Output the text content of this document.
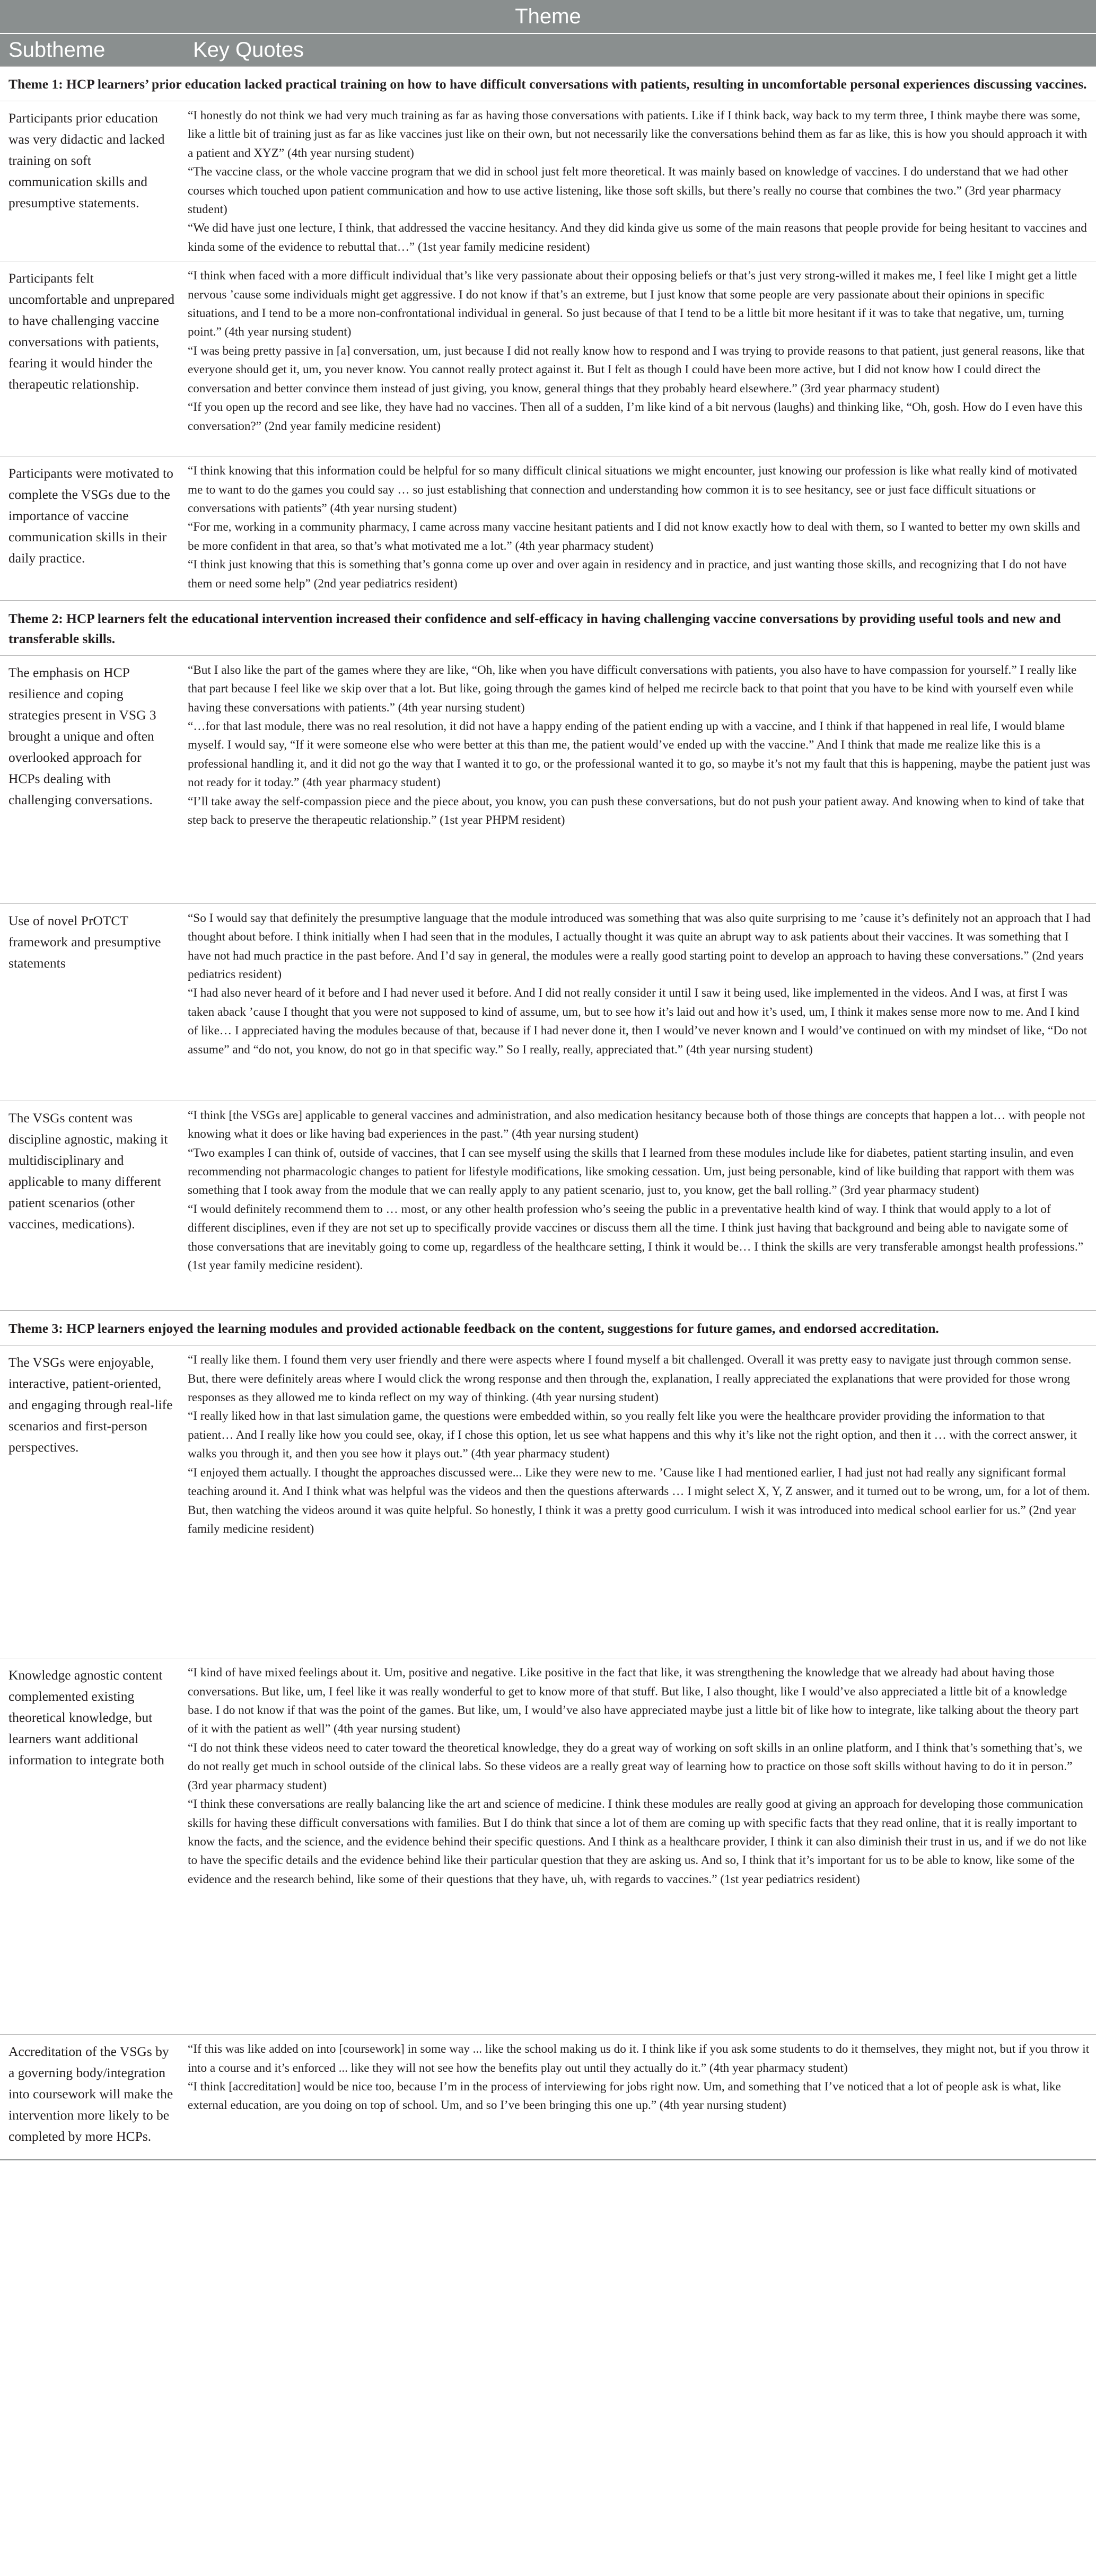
Theme	
Subtheme	Key Quotes
Theme 1: HCP learners’ prior education lacked practical training on how to have difficult conversations with patients, resulting in uncomfortable personal experiences discussing vaccines.	
Participants prior education was very didactic and lacked training on soft communication skills and presumptive statements.	“I honestly do not think we had very much training as far as having those conversations with patients. Like if I think back, way back to my term three, I think maybe there was some, like a little bit of training just as far as like vaccines just like on their own, but not necessarily like the conversations behind them as far as like, this is how you should approach it with a patient and XYZ” (4th year nursing student)

“The vaccine class, or the whole vaccine program that we did in school just felt more theoretical. It was mainly based on knowledge of vaccines. I do understand that we had other courses which touched upon patient communication and how to use active listening, like those soft skills, but there’s really no course that combines the two.” (3rd year pharmacy student)

“We did have just one lecture, I think, that addressed the vaccine hesitancy. And they did kinda give us some of the main reasons that people provide for being hesitant to vaccines and kinda some of the evidence to rebuttal that…” (1st year family medicine resident)

Participants felt uncomfortable and unprepared to have challenging vaccine conversations with patients, fearing it would hinder the therapeutic relationship.	“I think when faced with a more difficult individual that’s like very passionate about their opposing beliefs or that’s just very strong-willed it makes me, I feel like I might get a little nervous ’cause some individuals might get aggressive. I do not know if that’s an extreme, but I just know that some people are very passionate about their opinions in specific situations, and I tend to be a more non-confrontational individual in general. So just because of that I tend to be a little bit more hesitant if it was to take that negative, um, turning point.” (4th year nursing student)

“I was being pretty passive in [a] conversation, um, just because I did not really know how to respond and I was trying to provide reasons to that patient, just general reasons, like that everyone should get it, um, you never know. You cannot really protect against it. But I felt as though I could have been more active, but I did not know how I could direct the conversation and better convince them instead of just giving, you know, general things that they probably heard elsewhere.” (3rd year pharmacy student)

“If you open up the record and see like, they have had no vaccines. Then all of a sudden, I’m like kind of a bit nervous (laughs) and thinking like, “Oh, gosh. How do I even have this conversation?” (2nd year family medicine resident)

Participants were motivated to complete the VSGs due to the importance of vaccine communication skills in their daily practice.	“I think knowing that this information could be helpful for so many difficult clinical situations we might encounter, just knowing our profession is like what really kind of motivated me to want to do the games you could say … so just establishing that connection and understanding how common it is to see hesitancy, see or just face difficult situations or conversations with patients” (4th year nursing student)

“For me, working in a community pharmacy, I came across many vaccine hesitant patients and I did not know exactly how to deal with them, so I wanted to better my own skills and be more confident in that area, so that’s what motivated me a lot.” (4th year pharmacy student)

“I think just knowing that this is something that’s gonna come up over and over again in residency and in practice, and just wanting those skills, and recognizing that I do not have them or need some help” (2nd year pediatrics resident)

Theme 2: HCP learners felt the educational intervention increased their confidence and self-efficacy in having challenging vaccine conversations by providing useful tools and new and transferable skills.	
The emphasis on HCP resilience and coping strategies present in VSG 3 brought a unique and often overlooked approach for HCPs dealing with challenging conversations.	“But I also like the part of the games where they are like, “Oh, like when you have difficult conversations with patients, you also have to have compassion for yourself.” I really like that part because I feel like we skip over that a lot. But like, going through the games kind of helped me recircle back to that point that you have to be kind with yourself even while having these conversations with patients.” (4th year nursing student)

“…for that last module, there was no real resolution, it did not have a happy ending of the patient ending up with a vaccine, and I think if that happened in real life, I would blame myself. I would say, “If it were someone else who were better at this than me, the patient would’ve ended up with the vaccine.” And I think that made me realize like this is a professional handling it, and it did not go the way that I wanted it to go, or the professional wanted it to go, so maybe it’s not my fault that this is happening, maybe the patient just was not ready for it today.” (4th year pharmacy student)

“I’ll take away the self-compassion piece and the piece about, you know, you can push these conversations, but do not push your patient away. And knowing when to kind of take that step back to preserve the therapeutic relationship.” (1st year PHPM resident)

Use of novel PrOTCT framework and presumptive statements	“So I would say that definitely the presumptive language that the module introduced was something that was also quite surprising to me ’cause it’s definitely not an approach that I had thought about before. I think initially when I had seen that in the modules, I actually thought it was quite an abrupt way to ask patients about their vaccines. It was something that I have not had much practice in the past before. And I’d say in general, the modules were a really good starting point to develop an approach to having these conversations.” (2nd years pediatrics resident)

“I had also never heard of it before and I had never used it before. And I did not really consider it until I saw it being used, like implemented in the videos. And I was, at first I was taken aback ’cause I thought that you were not supposed to kind of assume, um, but to see how it’s laid out and how it’s used, um, I think it makes sense more now to me. And I kind of like… I appreciated having the modules because of that, because if I had never done it, then I would’ve never known and I would’ve continued on with my mindset of like, “Do not assume” and “do not, you know, do not go in that specific way.” So I really, really, appreciated that.” (4th year nursing student)

The VSGs content was discipline agnostic, making it multidisciplinary and applicable to many different patient scenarios (other vaccines, medications).	“I think [the VSGs are] applicable to general vaccines and administration, and also medication hesitancy because both of those things are concepts that happen a lot… with people not knowing what it does or like having bad experiences in the past.” (4th year nursing student)

“Two examples I can think of, outside of vaccines, that I can see myself using the skills that I learned from these modules include like for diabetes, patient starting insulin, and even recommending not pharmacologic changes to patient for lifestyle modifications, like smoking cessation. Um, just being personable, kind of like building that rapport with them was something that I took away from the module that we can really apply to any patient scenario, just to, you know, get the ball rolling.” (3rd year pharmacy student)

“I would definitely recommend them to … most, or any other health profession who’s seeing the public in a preventative health kind of way. I think that would apply to a lot of different disciplines, even if they are not set up to specifically provide vaccines or discuss them all the time. I think just having that background and being able to navigate some of those conversations that are inevitably going to come up, regardless of the healthcare setting, I think it would be… I think the skills are very transferable amongst health professions.” (1st year family medicine resident).

Theme 3: HCP learners enjoyed the learning modules and provided actionable feedback on the content, suggestions for future games, and endorsed accreditation.	
The VSGs were enjoyable, interactive, patient-oriented, and engaging through real-life scenarios and first-person perspectives.	“I really like them. I found them very user friendly and there were aspects where I found myself a bit challenged. Overall it was pretty easy to navigate just through common sense. But, there were definitely areas where I would click the wrong response and then through the, explanation, I really appreciated the explanations that were provided for those wrong responses as they allowed me to kinda reflect on my way of thinking. (4th year nursing student)

“I really liked how in that last simulation game, the questions were embedded within, so you really felt like you were the healthcare provider providing the information to that patient… And I really like how you could see, okay, if I chose this option, let us see what happens and this why it’s like not the right option, and then it … with the correct answer, it walks you through it, and then you see how it plays out.” (4th year pharmacy student)

“I enjoyed them actually. I thought the approaches discussed were... Like they were new to me. ’Cause like I had mentioned earlier, I had just not had really any significant formal teaching around it. And I think what was helpful was the videos and then the questions afterwards … I might select X, Y, Z answer, and it turned out to be wrong, um, for a lot of them. But, then watching the videos around it was quite helpful. So honestly, I think it was a pretty good curriculum. I wish it was introduced into medical school earlier for us.” (2nd year family medicine resident)

Knowledge agnostic content complemented existing theoretical knowledge, but learners want additional information to integrate both	“I kind of have mixed feelings about it. Um, positive and negative. Like positive in the fact that like, it was strengthening the knowledge that we already had about having those conversations. But like, um, I feel like it was really wonderful to get to know more of that stuff. But like, I also thought, like I would’ve also appreciated a little bit of a knowledge base. I do not know if that was the point of the games. But like, um, I would’ve also have appreciated maybe just a little bit of like how to integrate, like talking about the theory part of it with the patient as well” (4th year nursing student)

“I do not think these videos need to cater toward the theoretical knowledge, they do a great way of working on soft skills in an online platform, and I think that’s something that’s, we do not really get much in school outside of the clinical labs. So these videos are a really great way of learning how to practice on those soft skills without having to do it in person.” (3rd year pharmacy student)

“I think these conversations are really balancing like the art and science of medicine. I think these modules are really good at giving an approach for developing those communication skills for having these difficult conversations with families. But I do think that since a lot of them are coming up with specific facts that they read online, that it is really important to know the facts, and the science, and the evidence behind their specific questions. And I think as a healthcare provider, I think it can also diminish their trust in us, and if we do not like to have the specific details and the evidence behind like their particular question that they are asking us. And so, I think that it’s important for us to be able to know, like some of the evidence and the research behind, like some of their questions that they have, uh, with regards to vaccines.” (1st year pediatrics resident)

Accreditation of the VSGs by a governing body/integration into coursework will make the intervention more likely to be completed by more HCPs.	“If this was like added on into [coursework] in some way ... like the school making us do it. I think like if you ask some students to do it themselves, they might not, but if you throw it into a course and it’s enforced ... like they will not see how the benefits play out until they actually do it.” (4th year pharmacy student)

“I think [accreditation] would be nice too, because I’m in the process of interviewing for jobs right now. Um, and something that I’ve noticed that a lot of people ask is what, like external education, are you doing on top of school. Um, and so I’ve been bringing this one up.” (4th year nursing student)
